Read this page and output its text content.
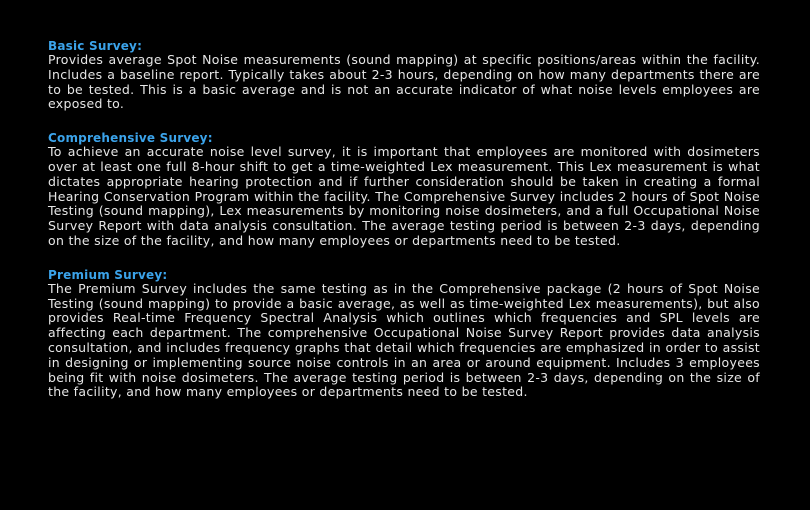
Basic Survey:

Provides average Spot Noise measurements (sound mapping) at specific positions/areas within the facility. Includes a baseline report. Typically takes about 2-3 hours, depending on how many departments there are to be tested. This is a basic average and is not an accurate indicator of what noise levels employees are exposed to.

Comprehensive Survey:

To achieve an accurate noise level survey, it is important that employees are monitored with dosimeters over at least one full 8-hour shift to get a time-weighted Lex measurement. This Lex measurement is what dictates appropriate hearing protection and if further consideration should be taken in creating a formal Hearing Conservation Program within the facility. The Comprehensive Survey includes 2 hours of Spot Noise Testing (sound mapping), Lex measurements by monitoring noise dosimeters, and a full Occupational Noise Survey Report with data analysis consultation. The average testing period is between 2-3 days, depending on the size of the facility, and how many employees or departments need to be tested.

Premium Survey:

The Premium Survey includes the same testing as in the Comprehensive package (2 hours of Spot Noise Testing (sound mapping) to provide a basic average, as well as time-weighted Lex measurements), but also provides Real-time Frequency Spectral Analysis which outlines which frequencies and SPL levels are affecting each department. The comprehensive Occupational Noise Survey Report provides data analysis consultation, and includes frequency graphs that detail which frequencies are emphasized in order to assist in designing or implementing source noise controls in an area or around equipment. Includes 3 employees being fit with noise dosimeters. The average testing period is between 2-3 days, depending on the size of the facility, and how many employees or departments need to be tested.
